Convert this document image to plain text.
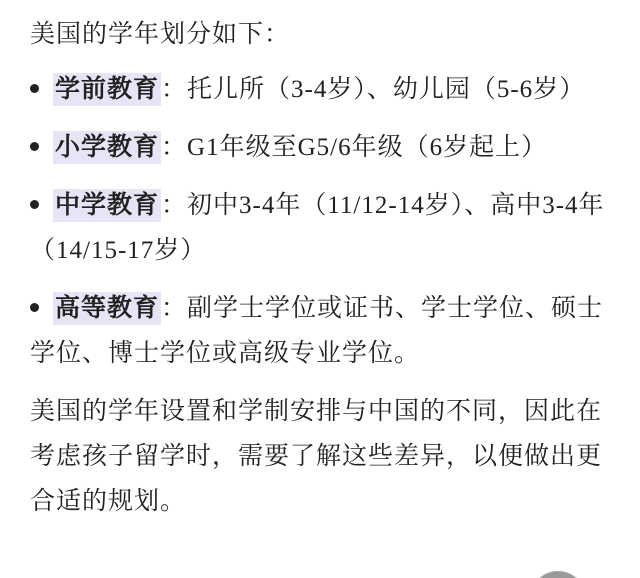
美国的学年划分如下：

学前教育：托儿所（3-4岁）、幼儿园（5-6岁）
小学教育：G1年级至G5/6年级（6岁起上）
中学教育：初中3-4年（11/12-14岁）、高中3-4年（14/15-17岁）
高等教育：副学士学位或证书、学士学位、硕士学位、博士学位或高级专业学位。

美国的学年设置和学制安排与中国的不同，因此在考虑孩子留学时，需要了解这些差异，以便做出更合适的规划。
